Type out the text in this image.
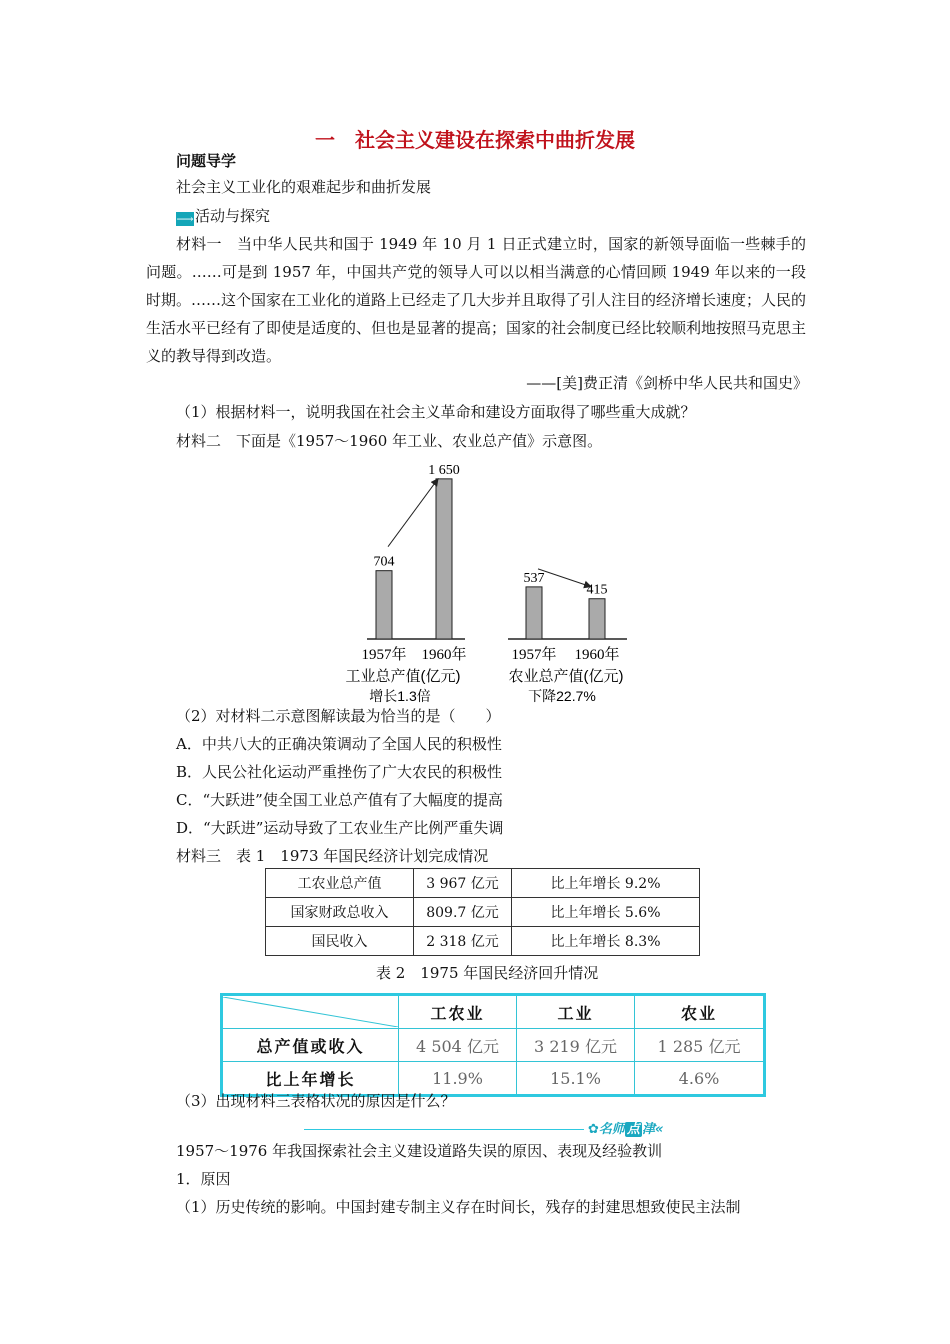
一　社会主义建设在探索中曲折发展
问题导学
社会主义工业化的艰难起步和曲折发展
⟶活动与探究
材料一　当中华人民共和国于 1949 年 10 月 1 日正式建立时，国家的新领导面临一些棘手的问题。……可是到 1957 年，中国共产党的领导人可以以相当满意的心情回顾 1949 年以来的一段时期。……这个国家在工业化的道路上已经走了几大步并且取得了引人注目的经济增长速度；人民的生活水平已经有了即使是适度的、但也是显著的提高；国家的社会制度已经比较顺利地按照马克思主义的教导得到改造。
——[美]费正清《剑桥中华人民共和国史》
（1）根据材料一，说明我国在社会主义革命和建设方面取得了哪些重大成就？
材料二　下面是《1957～1960 年工业、农业总产值》示意图。
704
1957年
1 650
1960年
工业总产值(亿元)
增长1.3倍
537
1957年
415
1960年
农业总产值(亿元)
下降22.7%
（2）对材料二示意图解读最为恰当的是（　　）
A．中共八大的正确决策调动了全国人民的积极性
B．人民公社化运动严重挫伤了广大农民的积极性
C．“大跃进”使全国工业总产值有了大幅度的提高
D．“大跃进”运动导致了工农业生产比例严重失调
材料三　表 1　1973 年国民经济计划完成情况
工农业总产值	3 967 亿元	比上年增长 9.2%
国家财政总收入	809.7 亿元	比上年增长 5.6%
国民收入	2 318 亿元	比上年增长 8.3%
表 2　1975 年国民经济回升情况
	工农业	工业	农业
总产值或收入	4 504 亿元	3 219 亿元	1 285 亿元
比上年增长	11.9%	15.1%	4.6%
（3）出现材料三表格状况的原因是什么？
✿名师 点 津«
1957～1976 年我国探索社会主义建设道路失误的原因、表现及经验教训
1．原因
（1）历史传统的影响。中国封建专制主义存在时间长，残存的封建思想致使民主法制
